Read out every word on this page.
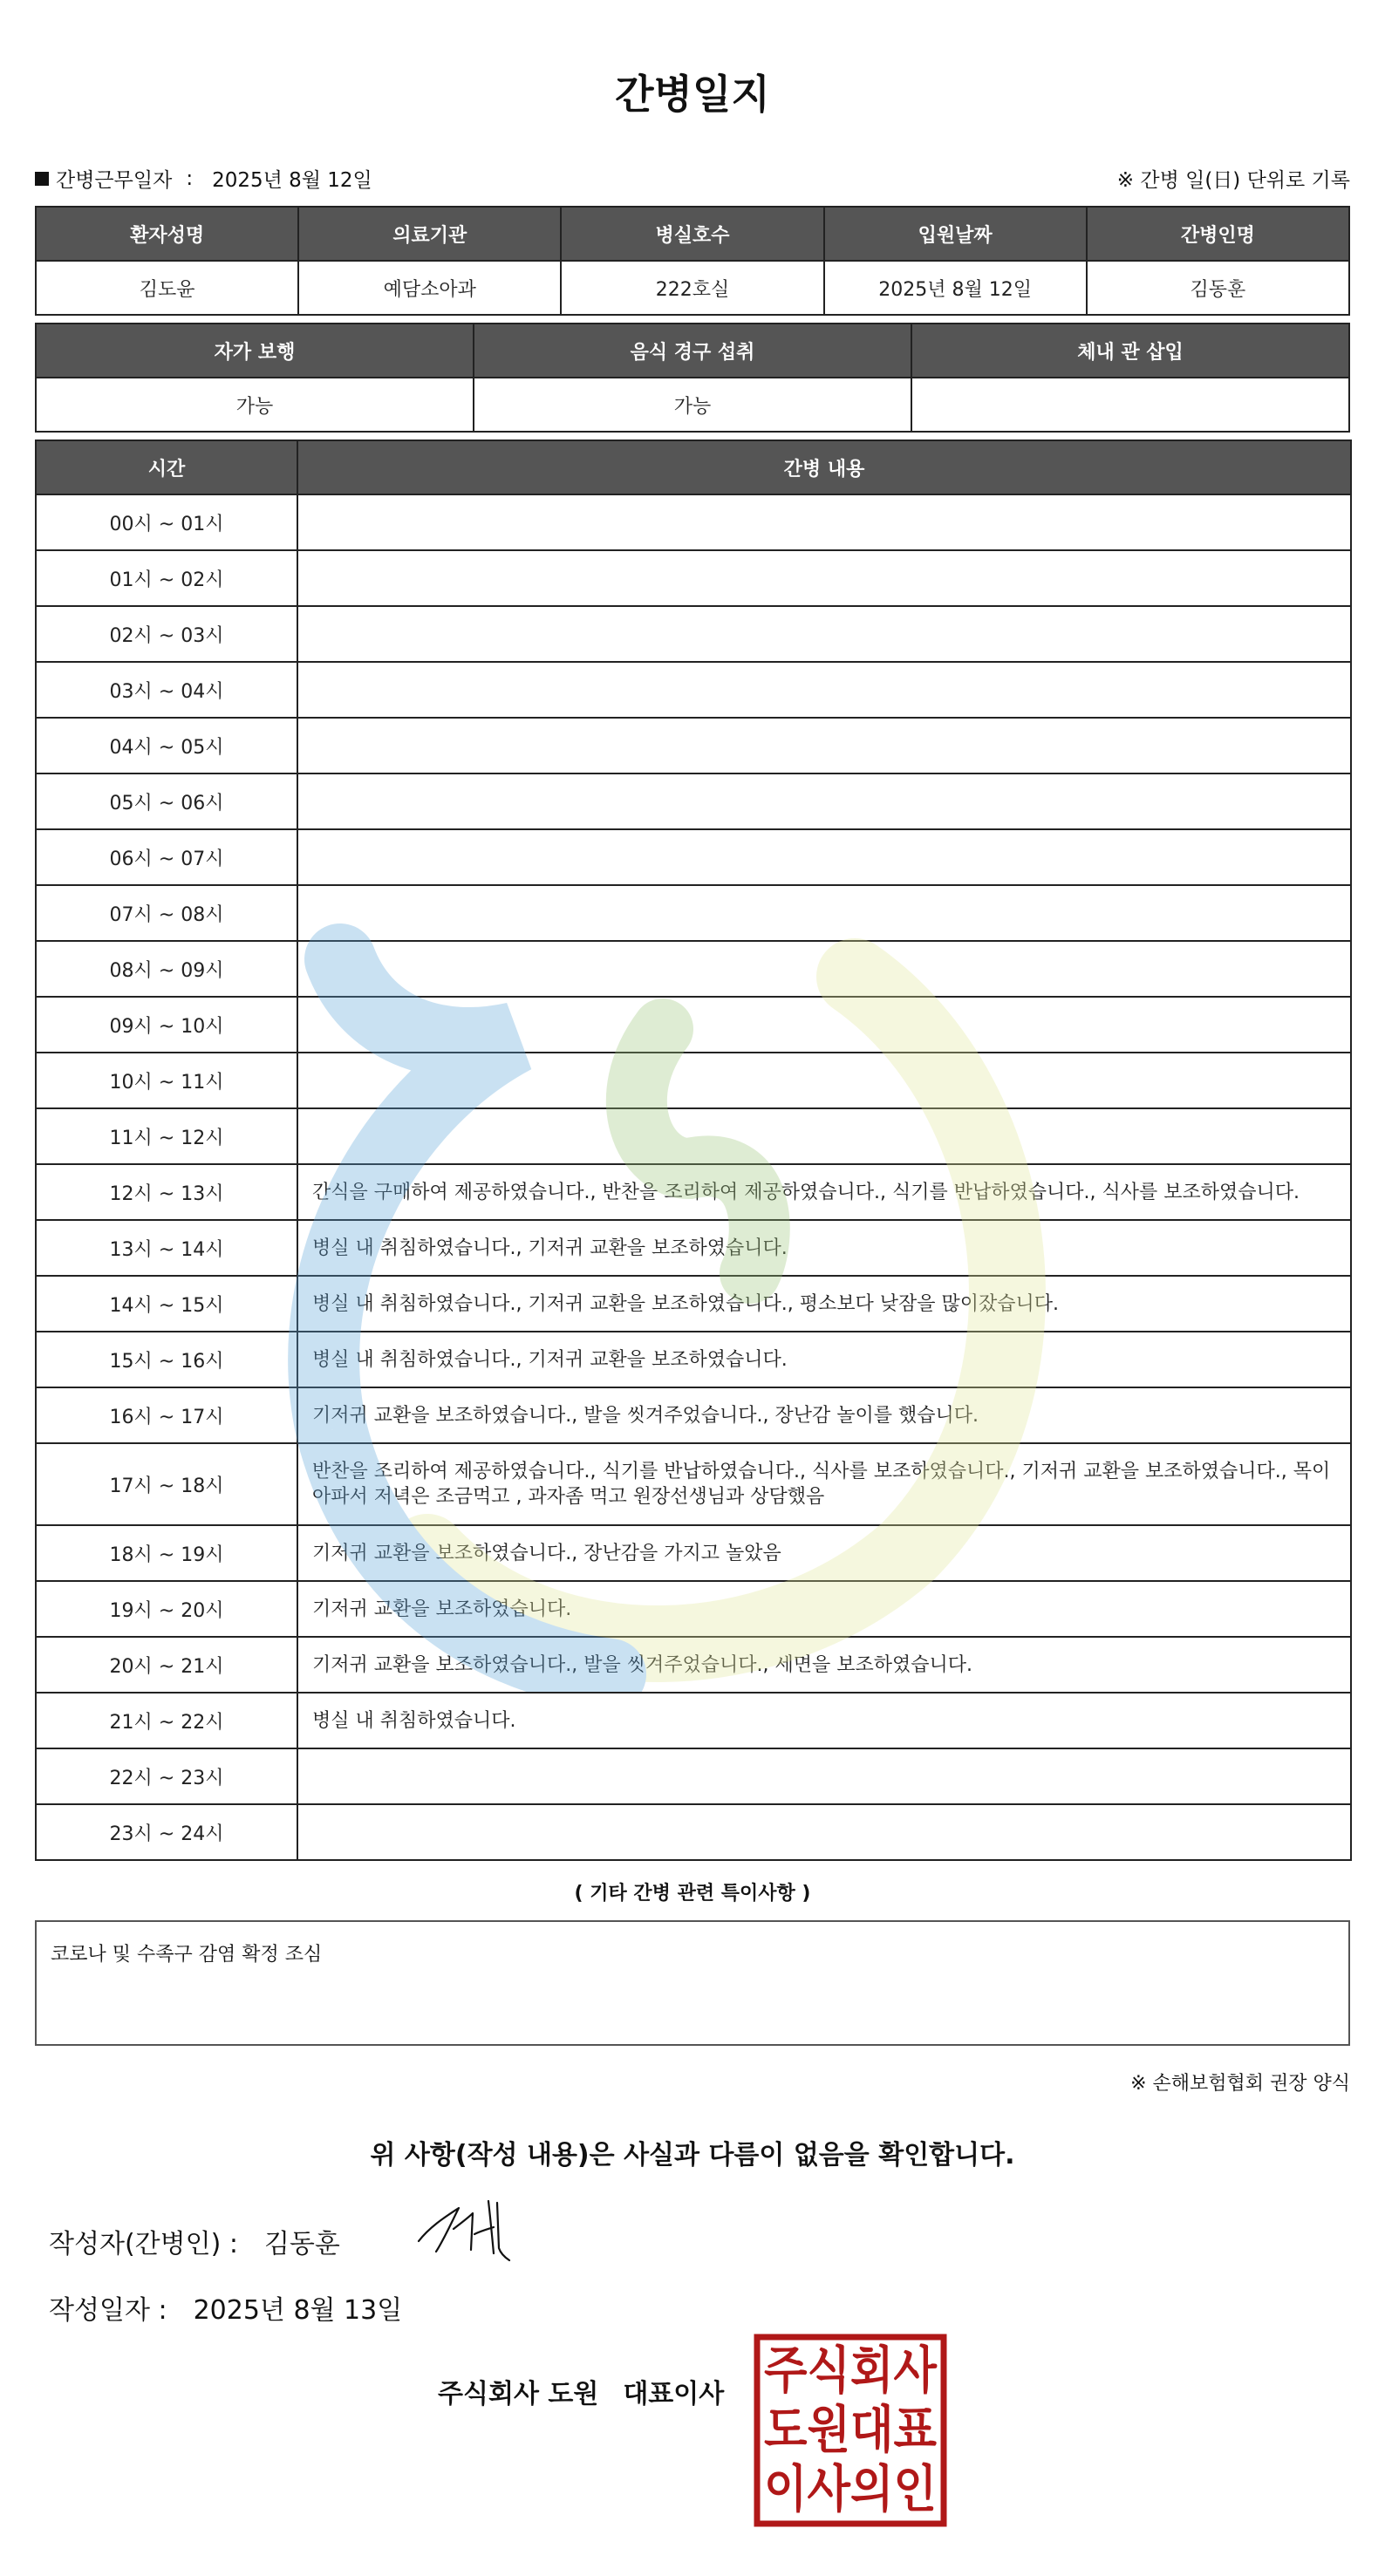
간병일지
간병근무일자 : 2025년 8월 12일	※ 간병 일(日) 단위로 기록
환자성명	의료기관	병실호수	입원날짜	간병인명
김도윤	예담소아과	222호실	2025년 8월 12일	김동훈
자가 보행	음식 경구 섭취	체내 관 삽입
가능	가능	
시간	간병 내용
00시 ~ 01시	
01시 ~ 02시	
02시 ~ 03시	
03시 ~ 04시	
04시 ~ 05시	
05시 ~ 06시	
06시 ~ 07시	
07시 ~ 08시	
08시 ~ 09시	
09시 ~ 10시	
10시 ~ 11시	
11시 ~ 12시	
12시 ~ 13시	간식을 구매하여 제공하였습니다., 반찬을 조리하여 제공하였습니다., 식기를 반납하였습니다., 식사를 보조하였습니다.
13시 ~ 14시	병실 내 취침하였습니다., 기저귀 교환을 보조하였습니다.
14시 ~ 15시	병실 내 취침하였습니다., 기저귀 교환을 보조하였습니다., 평소보다 낮잠을 많이잤습니다.
15시 ~ 16시	병실 내 취침하였습니다., 기저귀 교환을 보조하였습니다.
16시 ~ 17시	기저귀 교환을 보조하였습니다., 발을 씻겨주었습니다., 장난감 놀이를 했습니다.
17시 ~ 18시	반찬을 조리하여 제공하였습니다., 식기를 반납하였습니다., 식사를 보조하였습니다., 기저귀 교환을 보조하였습니다., 목이 아파서 저녁은 조금먹고 , 과자좀 먹고 원장선생님과 상담했음
18시 ~ 19시	기저귀 교환을 보조하였습니다., 장난감을 가지고 놀았음
19시 ~ 20시	기저귀 교환을 보조하였습니다.
20시 ~ 21시	기저귀 교환을 보조하였습니다., 발을 씻겨주었습니다., 세면을 보조하였습니다.
21시 ~ 22시	병실 내 취침하였습니다.
22시 ~ 23시	
23시 ~ 24시	
( 기타 간병 관련 특이사항 )
코로나 및 수족구 감염 확정 조심
※ 손해보험협회 권장 양식
위 사항(작성 내용)은 사실과 다름이 없음을 확인합니다.
작성자(간병인) : 김동훈
작성일자 : 2025년 8월 13일
주식회사 도원 대표이사 주식회사
도원대표
이사의인
